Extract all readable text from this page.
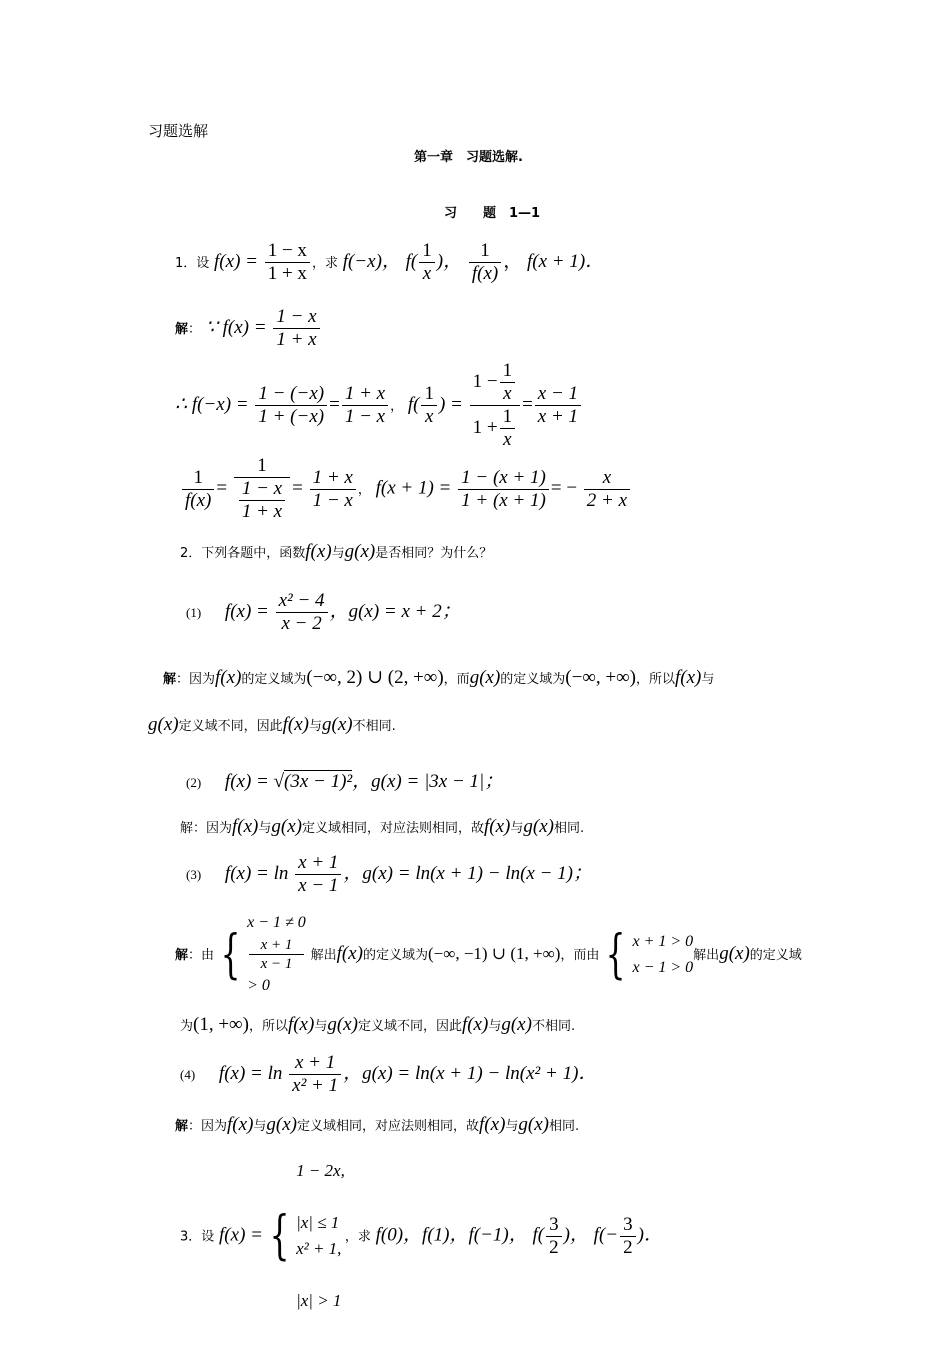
习题选解
第一章　习题选解.
习　　题　1—1
1．设 $f(x) = \frac{1 - x}{1 + x}$ ，求 f(−x)， $f( \frac{1}{x}$ )， $\frac{1}{f(x)}$ ， f(x + 1)．
解： ∵ $f(x) = \frac{1 - x}{1 + x}$
∴ $f(-x) = \frac{1 - (-x)}{1 + (-x)} = \frac{1 + x}{1 - x}$ ， $f( \frac{1}{x}$ ) = $\frac{1 - \frac{1}{x}}{1 + \frac{1}{x}} = \frac{x - 1}{x + 1}$
$\frac{1}{f(x)} = \frac{1}{\frac{1 - x}{1 + x}} = \frac{1 + x}{1 - x}$ ， $f(x + 1) = \frac{1 - (x + 1)}{1 + (x + 1)}$ = − $\frac{x}{2 + x}$
2．下列各题中，函数f(x)与g(x)是否相同？为什么？
(1) $f(x) = \frac{\text{x² − 4}}{x - 2}$ ，g(x) = x + 2；
解：因为f(x)的定义域为(−∞, 2) ∪ (2, +∞)，而g(x)的定义域为(−∞, +∞)，所以f(x)与
g(x)定义域不同，因此f(x)与g(x)不相同.
(2) f(x) = √(3x − 1)²，g(x) = |3x − 1|；
解：因为f(x)与g(x)定义域相同，对应法则相同，故f(x)与g(x)相同.
(3) $f(x) = \ln \frac{x + 1}{x - 1}$ ，g(x) = ln(x + 1) − ln(x − 1)；
解：由 {
x − 1 ≠ 0
x + 1
x − 1
> 0
解出f(x)的定义域为(−∞, −1) ∪ (1, +∞)，而由 { x + 1 > 0
x − 1 > 0
解出g(x)的定义域
为(1, +∞)，所以f(x)与g(x)定义域不同，因此f(x)与g(x)不相同.
(4) $f(x) = \ln \frac{x + 1}{\text{x² + 1}}$ ，g(x) = ln(x + 1) − ln(x² + 1)．
解：因为f(x)与g(x)定义域相同，对应法则相同，故f(x)与g(x)相同.
3．设 f(x) = {
1 − 2x,

|x| ≤ 1
x² + 1,

|x| > 1
，求 f(0)，f(1)，f(−1)， $f( \frac{3}{2}$ )， $f(- \frac{3}{2}$ )．
